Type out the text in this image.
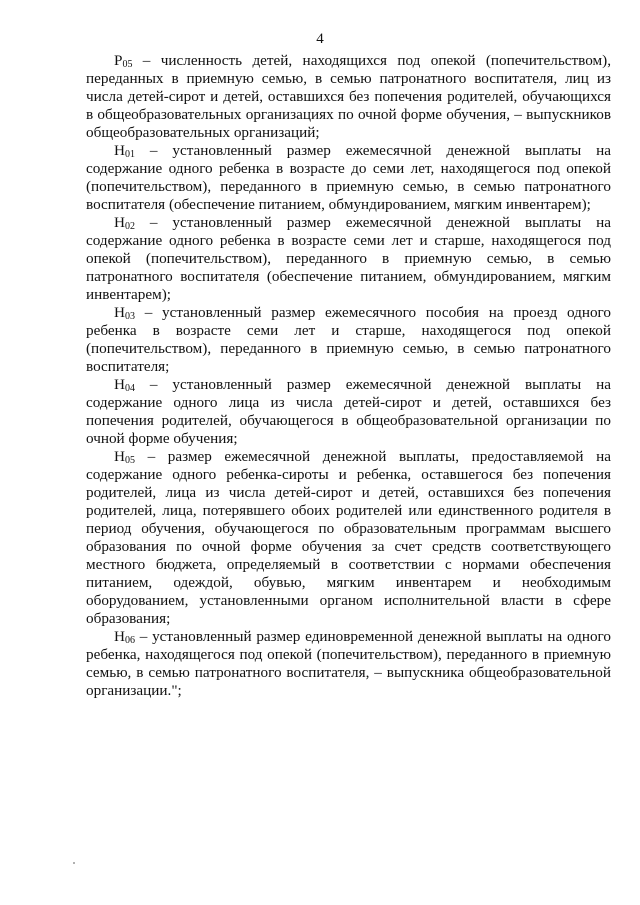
4

$P_{05}$ – численность детей, находящихся под опекой (попечительством), переданных в приемную семью, в семью патронатного воспитателя, лиц из числа детей-сирот и детей, оставшихся без попечения родителей, обучающихся в общеобразовательных организациях по очной форме обучения, – выпускников общеобразовательных организаций;

$Н_{01}$ – установленный размер ежемесячной денежной выплаты на содержание одного ребенка в возрасте до семи лет, находящегося под опекой (попечительством), переданного в приемную семью, в семью патронатного воспитателя (обеспечение питанием, обмундированием, мягким инвентарем);

$Н_{02}$ – установленный размер ежемесячной денежной выплаты на содержание одного ребенка в возрасте семи лет и старше, находящегося под опекой (попечительством), переданного в приемную семью, в семью патронатного воспитателя (обеспечение питанием, обмундированием, мягким инвентарем);

$Н_{03}$ – установленный размер ежемесячного пособия на проезд одного ребенка в возрасте семи лет и старше, находящегося под опекой (попечительством), переданного в приемную семью, в семью патронатного воспитателя;

$Н_{04}$ – установленный размер ежемесячной денежной выплаты на содержание одного лица из числа детей-сирот и детей, оставшихся без попечения родителей, обучающегося в общеобразовательной организации по очной форме обучения;

$Н_{05}$ – размер ежемесячной денежной выплаты, предоставляемой на содержание одного ребенка-сироты и ребенка, оставшегося без попечения родителей, лица из числа детей-сирот и детей, оставшихся без попечения родителей, лица, потерявшего обоих родителей или единственного родителя в период обучения, обучающегося по образовательным программам высшего образования по очной форме обучения за счет средств соответствующего местного бюджета, определяемый в соответствии с нормами обеспечения питанием, одеждой, обувью, мягким инвентарем и необходимым оборудованием, установленными органом исполнительной власти в сфере образования;

$Н_{06}$ – установленный размер единовременной денежной выплаты на одного ребенка, находящегося под опекой (попечительством), переданного в приемную семью, в семью патронатного воспитателя, – выпускника общеобразовательной организации.";
